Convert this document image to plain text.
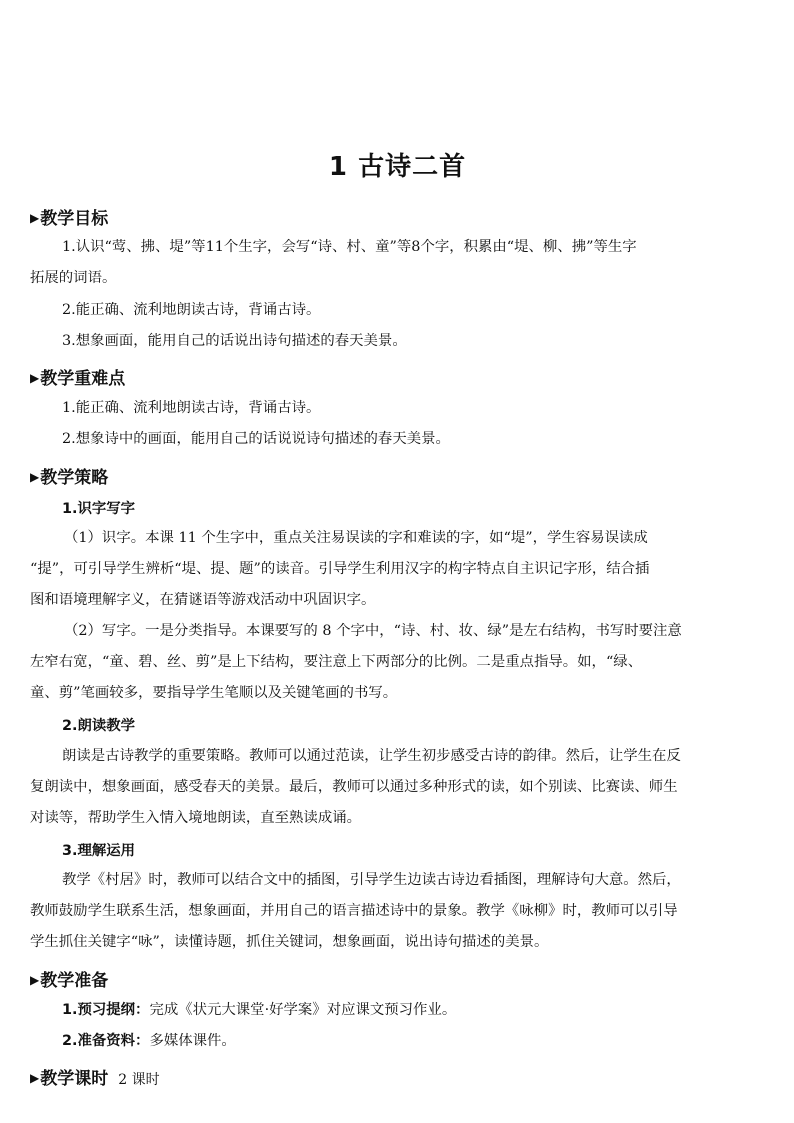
1 古诗二首
▶教学目标
1.认识“莺、拂、堤”等11个生字，会写“诗、村、童”等8个字，积累由“堤、柳、拂”等生字
拓展的词语。
2.能正确、流利地朗读古诗，背诵古诗。
3.想象画面，能用自己的话说出诗句描述的春天美景。
▶教学重难点
1.能正确、流利地朗读古诗，背诵古诗。
2.想象诗中的画面，能用自己的话说说诗句描述的春天美景。
▶教学策略
1.识字写字
（1）识字。本课 11 个生字中，重点关注易误读的字和难读的字，如“堤”，学生容易误读成
“提”，可引导学生辨析“堤、提、题”的读音。引导学生利用汉字的构字特点自主识记字形，结合插
图和语境理解字义，在猜谜语等游戏活动中巩固识字。
（2）写字。一是分类指导。本课要写的 8 个字中，“诗、村、妆、绿”是左右结构，书写时要注意
左窄右宽，“童、碧、丝、剪”是上下结构，要注意上下两部分的比例。二是重点指导。如，“绿、
童、剪”笔画较多，要指导学生笔顺以及关键笔画的书写。
2.朗读教学
朗读是古诗教学的重要策略。教师可以通过范读，让学生初步感受古诗的韵律。然后，让学生在反
复朗读中，想象画面，感受春天的美景。最后，教师可以通过多种形式的读，如个别读、比赛读、师生
对读等，帮助学生入情入境地朗读，直至熟读成诵。
3.理解运用
教学《村居》时，教师可以结合文中的插图，引导学生边读古诗边看插图，理解诗句大意。然后，
教师鼓励学生联系生活，想象画面，并用自己的语言描述诗中的景象。教学《咏柳》时，教师可以引导
学生抓住关键字“咏”，读懂诗题，抓住关键词，想象画面，说出诗句描述的美景。
▶教学准备
1.预习提纲：完成《状元大课堂·好学案》对应课文预习作业。
2.准备资料：多媒体课件。
▶教学课时 2 课时
